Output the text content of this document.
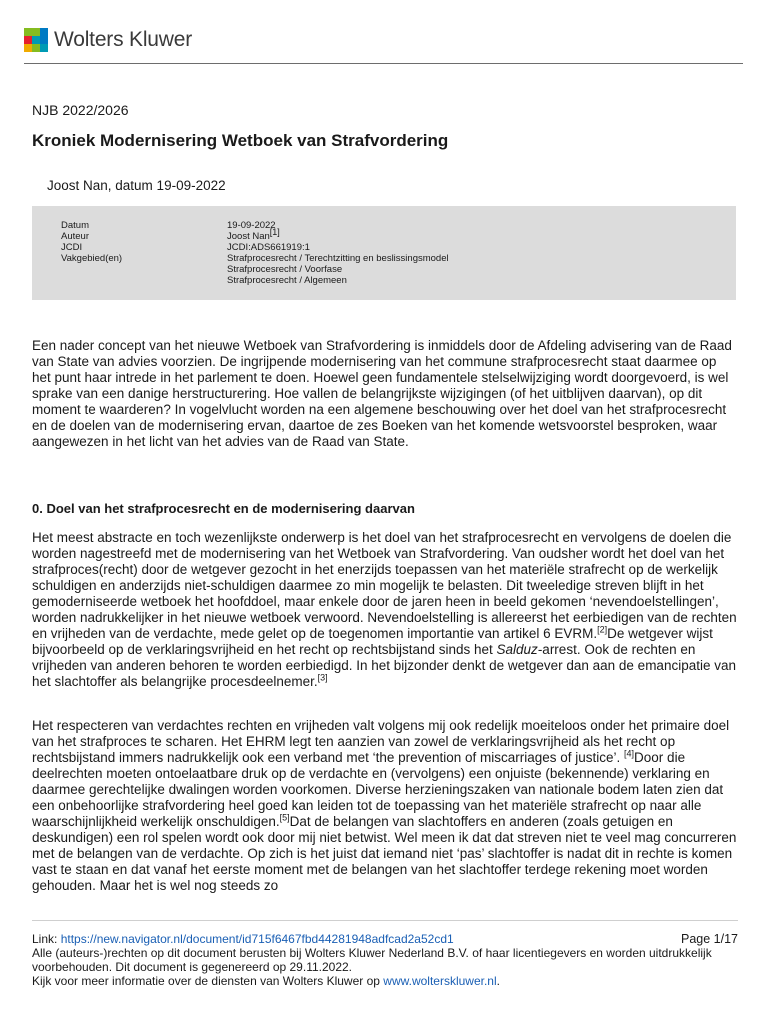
Wolters Kluwer
NJB 2022/2026
Kroniek Modernisering Wetboek van Strafvordering
Joost Nan, datum 19-09-2022
Datum
Auteur
JCDI
Vakgebied(en)
19-09-2022
Joost Nan[1]
JCDI:ADS661919:1
Strafprocesrecht / Terechtzitting en beslissingsmodel
Strafprocesrecht / Voorfase
Strafprocesrecht / Algemeen

Een nader concept van het nieuwe Wetboek van Strafvordering is inmiddels door de Afdeling advisering van de Raad van State van advies voorzien. De ingrijpende modernisering van het commune strafprocesrecht staat daarmee op het punt haar intrede in het parlement te doen. Hoewel geen fundamentele stelselwijziging wordt doorgevoerd, is wel sprake van een danige herstructurering. Hoe vallen de belangrijkste wijzigingen (of het uitblijven daarvan), op dit moment te waarderen? In vogelvlucht worden na een algemene beschouwing over het doel van het strafprocesrecht en de doelen van de modernisering ervan, daartoe de zes Boeken van het komende wetsvoorstel besproken, waar aangewezen in het licht van het advies van de Raad van State.

0. Doel van het strafprocesrecht en de modernisering daarvan

Het meest abstracte en toch wezenlijkste onderwerp is het doel van het strafprocesrecht en vervolgens de doelen die worden nagestreefd met de modernisering van het Wetboek van Strafvordering. Van oudsher wordt het doel van het strafproces(recht) door de wetgever gezocht in het enerzijds toepassen van het materiële strafrecht op de werkelijk schuldigen en anderzijds niet-schuldigen daarmee zo min mogelijk te belasten. Dit tweeledige streven blijft in het gemoderniseerde wetboek het hoofddoel, maar enkele door de jaren heen in beeld gekomen ‘nevendoelstellingen’, worden nadrukkelijker in het nieuwe wetboek verwoord. Nevendoelstelling is allereerst het eerbiedigen van de rechten en vrijheden van de verdachte, mede gelet op de toegenomen importantie van artikel 6 EVRM.[2]De wetgever wijst bijvoorbeeld op de verklaringsvrijheid en het recht op rechtsbijstand sinds het Salduz-arrest. Ook de rechten en vrijheden van anderen behoren te worden eerbiedigd. In het bijzonder denkt de wetgever dan aan de emancipatie van het slachtoffer als belangrijke procesdeelnemer.[3]

Het respecteren van verdachtes rechten en vrijheden valt volgens mij ook redelijk moeiteloos onder het primaire doel van het strafproces te scharen. Het EHRM legt ten aanzien van zowel de verklaringsvrijheid als het recht op rechtsbijstand immers nadrukkelijk ook een verband met ‘the prevention of miscarriages of justice’. [4]Door die deelrechten moeten ontoelaatbare druk op de verdachte en (vervolgens) een onjuiste (bekennende) verklaring en daarmee gerechtelijke dwalingen worden voorkomen. Diverse herzieningszaken van nationale bodem laten zien dat een onbehoorlijke strafvordering heel goed kan leiden tot de toepassing van het materiële strafrecht op naar alle waarschijnlijkheid werkelijk onschuldigen.[5]Dat de belangen van slachtoffers en anderen (zoals getuigen en deskundigen) een rol spelen wordt ook door mij niet betwist. Wel meen ik dat dat streven niet te veel mag concurreren met de belangen van de verdachte. Op zich is het juist dat iemand niet ‘pas’ slachtoffer is nadat dit in rechte is komen vast te staan en dat vanaf het eerste moment met de belangen van het slachtoffer terdege rekening moet worden gehouden. Maar het is wel nog steeds zo

Link: https://new.navigator.nl/document/id715f6467fbd44281948adfcad2a52cd1
Alle (auteurs-)rechten op dit document berusten bij Wolters Kluwer Nederland B.V. of haar licentiegevers en worden uitdrukkelijk voorbehouden. Dit document is gegenereerd op 29.11.2022.
Kijk voor meer informatie over de diensten van Wolters Kluwer op www.wolterskluwer.nl.
Page 1/17
